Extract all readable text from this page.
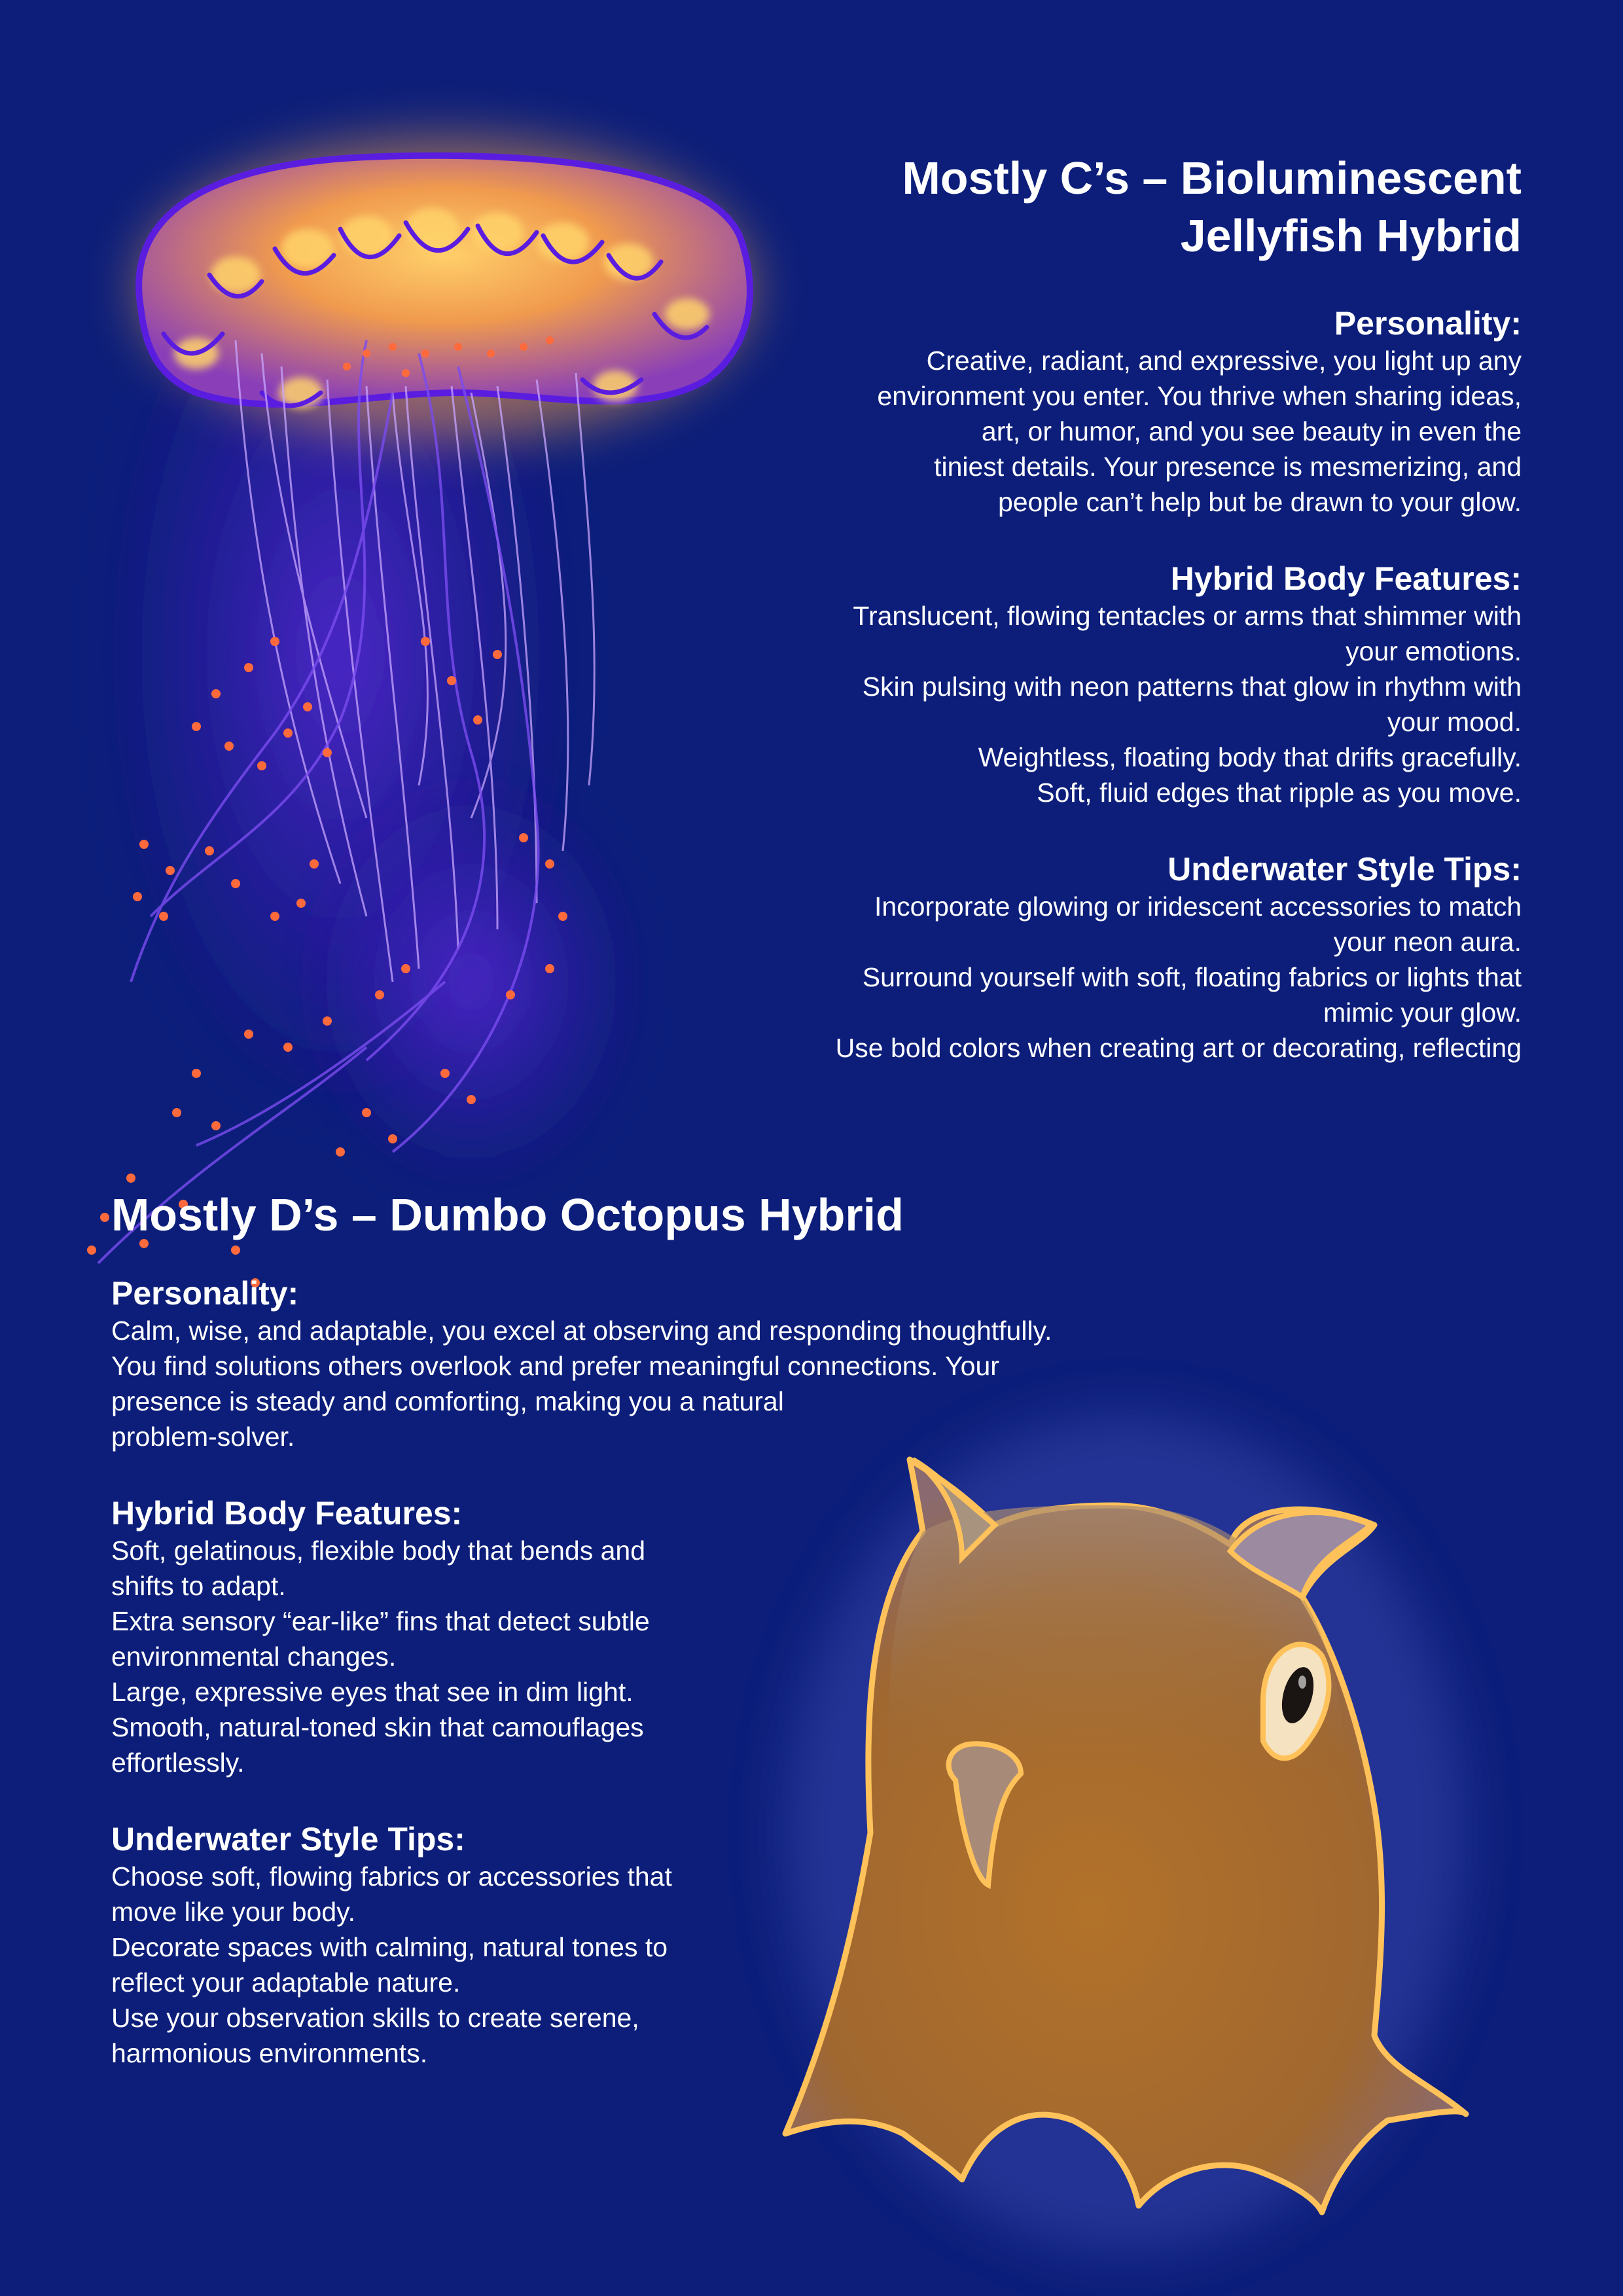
Mostly C’s – Bioluminescent
Jellyfish Hybrid
Personality:
Creative, radiant, and expressive, you light up any
environment you enter. You thrive when sharing ideas,
art, or humor, and you see beauty in even the
tiniest details. Your presence is mesmerizing, and
people can’t help but be drawn to your glow.
Hybrid Body Features:
Translucent, flowing tentacles or arms that shimmer with
your emotions.
Skin pulsing with neon patterns that glow in rhythm with
your mood.
Weightless, floating body that drifts gracefully.
Soft, fluid edges that ripple as you move.
Underwater Style Tips:
Incorporate glowing or iridescent accessories to match
your neon aura.
Surround yourself with soft, floating fabrics or lights that
mimic your glow.
Use bold colors when creating art or decorating, reflecting
Mostly D’s – Dumbo Octopus Hybrid
Personality:
Calm, wise, and adaptable, you excel at observing and responding thoughtfully.
You find solutions others overlook and prefer meaningful connections. Your
presence is steady and comforting, making you a natural
problem-solver.
Hybrid Body Features:
Soft, gelatinous, flexible body that bends and
shifts to adapt.
Extra sensory “ear-like” fins that detect subtle
environmental changes.
Large, expressive eyes that see in dim light.
Smooth, natural-toned skin that camouflages
effortlessly.
Underwater Style Tips:
Choose soft, flowing fabrics or accessories that
move like your body.
Decorate spaces with calming, natural tones to
reflect your adaptable nature.
Use your observation skills to create serene,
harmonious environments.
